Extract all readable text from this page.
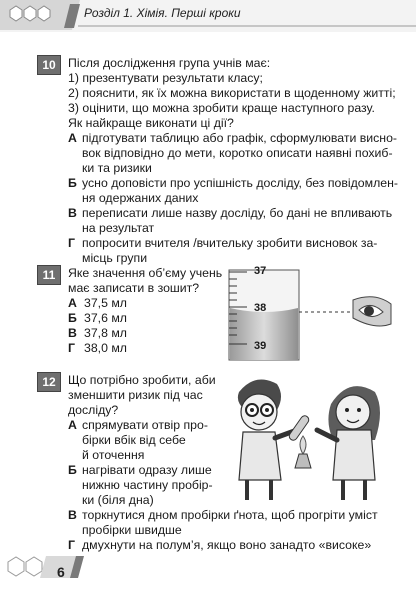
Розділ 1. Хімія. Перші кроки
10	Після дослідження група учнів має:
1) презентувати результати класу;
2) пояснити, як їх можна використати в щоденному житті;
3) оцінити, що можна зробити краще наступного разу.
Як найкраще виконати ці дії?
А підготувати таблицю або графік, сформулювати висно-
вок відповідно до мети, коротко описати наявні похиб-
ки та ризики
Б усно доповісти про успішність досліду, без повідомлен-
ня одержаних даних
В переписати лише назву досліду, бо дані не впливають
на результат
Г попросити вчителя /вчительку зробити висновок за-
місць групи
11	Яке значення об’єму учень
має записати в зошит?
А 37,5 мл
Б 37,6 мл
В 37,8 мл
Г 38,0 мл
37
38
39
12	Що потрібно зробити, аби
зменшити ризик під час
досліду?
А спрямувати отвір про-
бірки вбік від себе
й оточення
Б нагрівати одразу лише
нижню частину пробір-
ки (біля дна)
В торкнутися дном пробірки ґнота, щоб прогріти уміст
пробірки швидше
Г дмухнути на полум’я, якщо воно занадто «високе»
6
